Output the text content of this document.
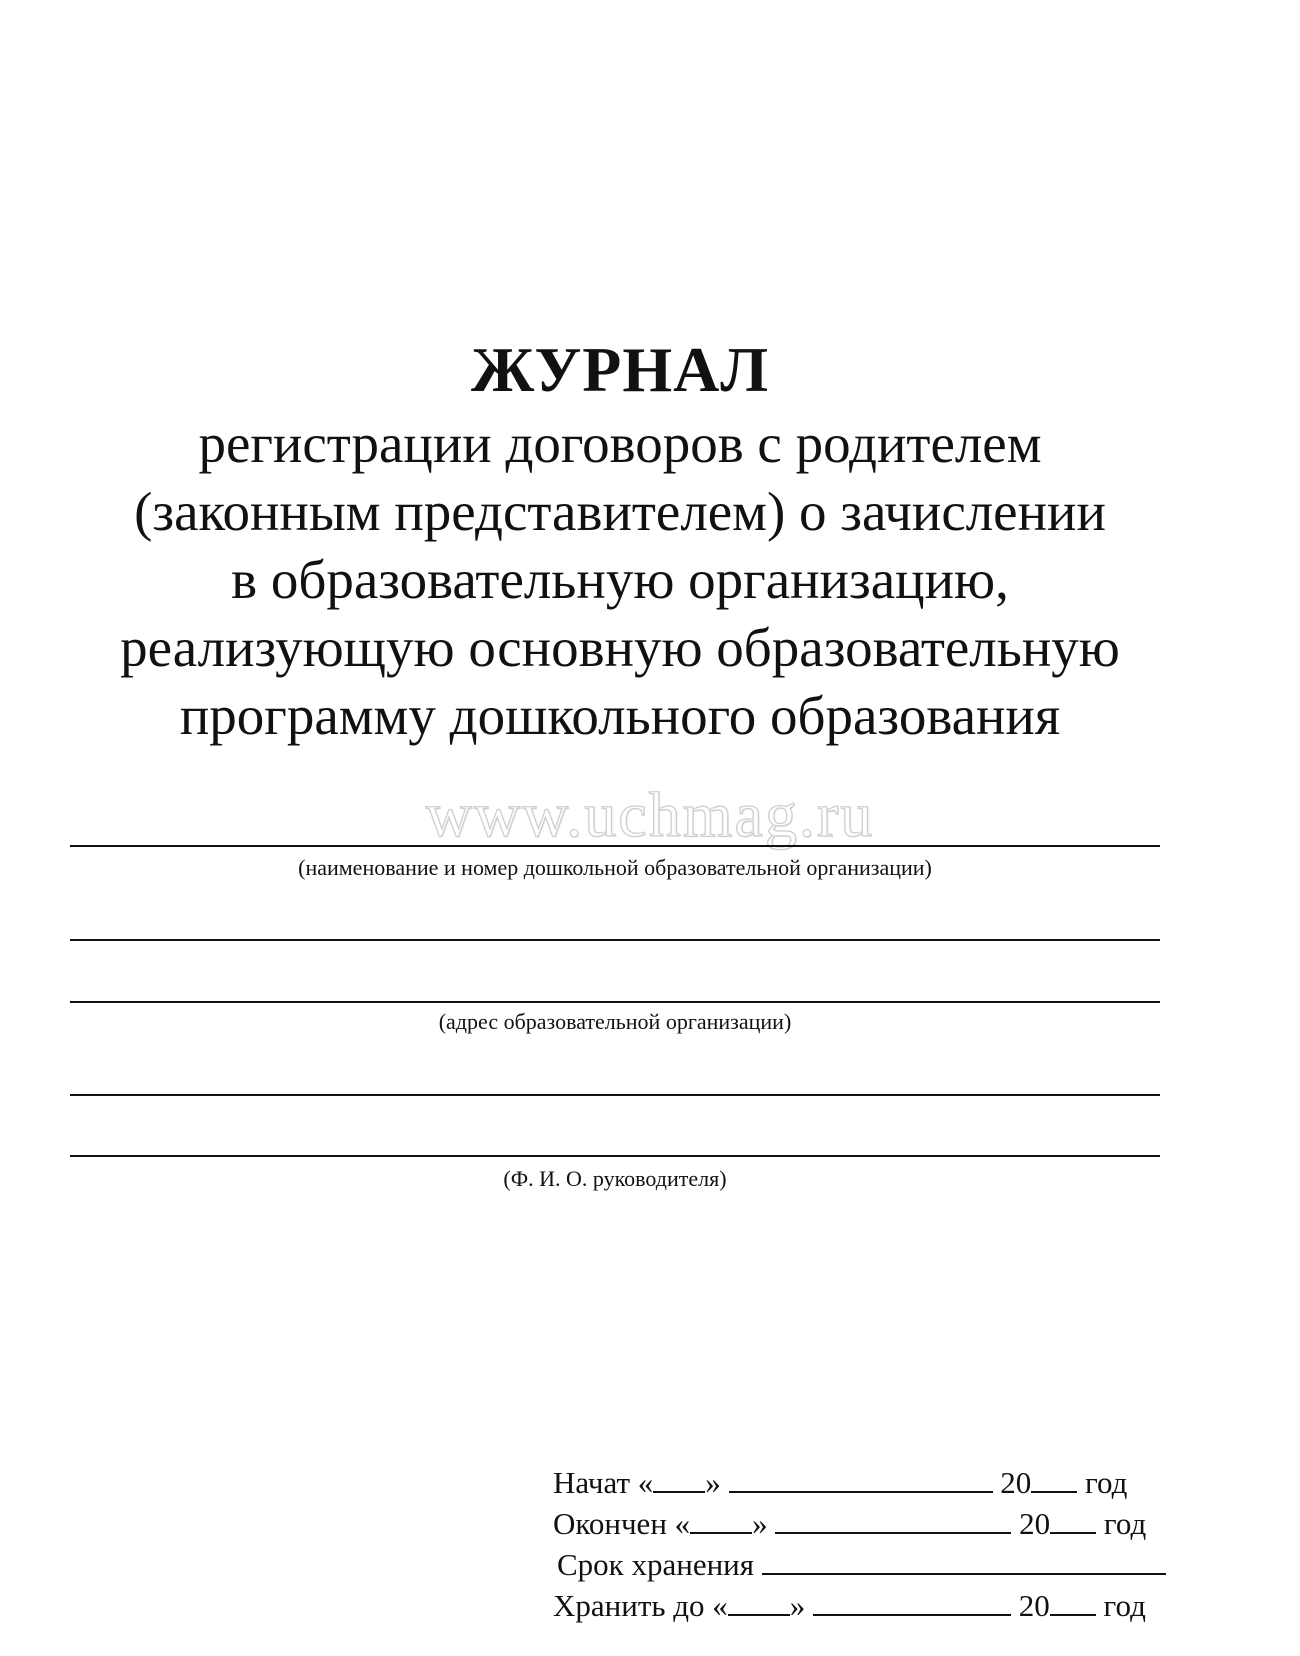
ЖУРНАЛ

регистрации договоров с родителем

(законным представителем) о зачислении

в образовательную организацию,

реализующую основную образовательную

программу дошкольного образования

www.uchmag.ru
(наименование и номер дошкольной образовательной организации)
(адрес образовательной организации)
(Ф. И. О. руководителя)
Начат « »	20 год
Окончен « »	20 год
Срок хранения
Хранить до « »	20 год
